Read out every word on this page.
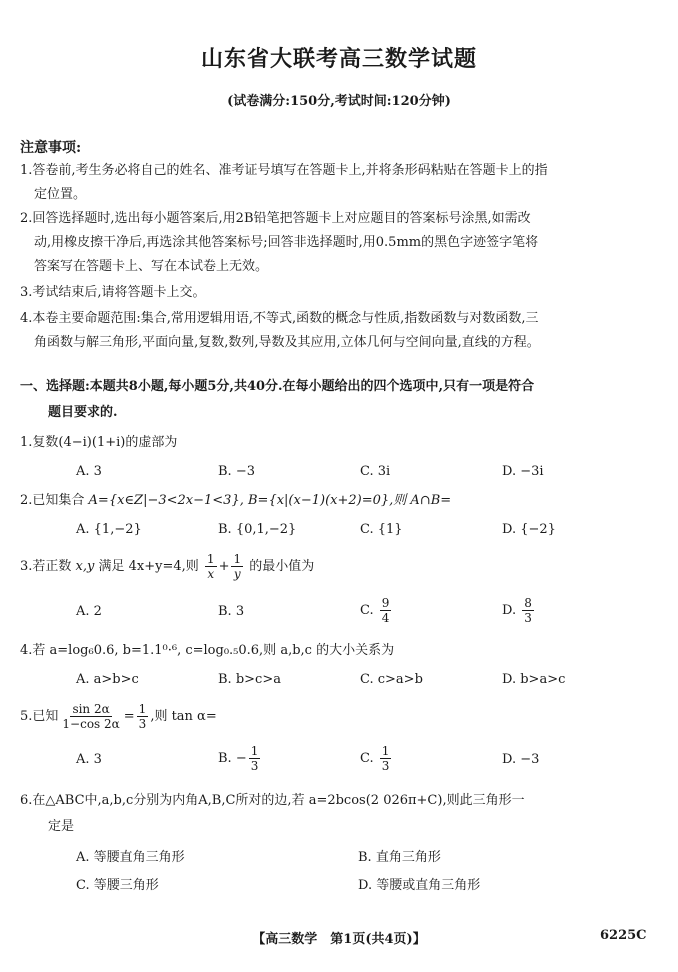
山东省大联考高三数学试题
(试卷满分:150分,考试时间:120分钟)
注意事项:
1.答卷前,考生务必将自己的姓名、准考证号填写在答题卡上,并将条形码粘贴在答题卡上的指
定位置。
2.回答选择题时,选出每小题答案后,用2B铅笔把答题卡上对应题目的答案标号涂黑,如需改
动,用橡皮擦干净后,再选涂其他答案标号;回答非选择题时,用0.5mm的黑色字迹签字笔将
答案写在答题卡上、写在本试卷上无效。
3.考试结束后,请将答题卡上交。
4.本卷主要命题范围:集合,常用逻辑用语,不等式,函数的概念与性质,指数函数与对数函数,三
角函数与解三角形,平面向量,复数,数列,导数及其应用,立体几何与空间向量,直线的方程。
一、选择题:本题共8小题,每小题5分,共40分.在每小题给出的四个选项中,只有一项是符合
题目要求的.
1.复数(4−i)(1+i)的虚部为
A. 3	B. −3	C. 3i	D. −3i
2.已知集合 A={x∈Z|−3<2x−1<3}, B={x|(x−1)(x+2)=0},则 A∩B=
A. {1,−2}	B. {0,1,−2}	C. {1}	D. {−2}
3.若正数 x,y 满足 4x+y=4,则 $\frac{1}{x} + \frac{1}{y}$ 的最小值为
A. 2	B. 3	C. $\frac{9}{4}$	D. $\frac{8}{3}$
4.若 a=log₆0.6, b=1.1⁰·⁶, c=log₀.₅0.6,则 a,b,c 的大小关系为
A. a>b>c	B. b>c>a	C. c>a>b	D. b>a>c
5.已知 $\frac{\sin 2\alpha}{1-\cos 2\alpha} = \frac{1}{3}$ ,则 tan α=
A. 3	B. − $\frac{1}{3}$	C. $\frac{1}{3}$	D. −3
6.在△ABC中,a,b,c分别为内角A,B,C所对的边,若 a=2bcos(2 026π+C),则此三角形一
定是
A. 等腰直角三角形	B. 直角三角形
C. 等腰三角形	D. 等腰或直角三角形
【高三数学　第1页(共4页)】	6225C
